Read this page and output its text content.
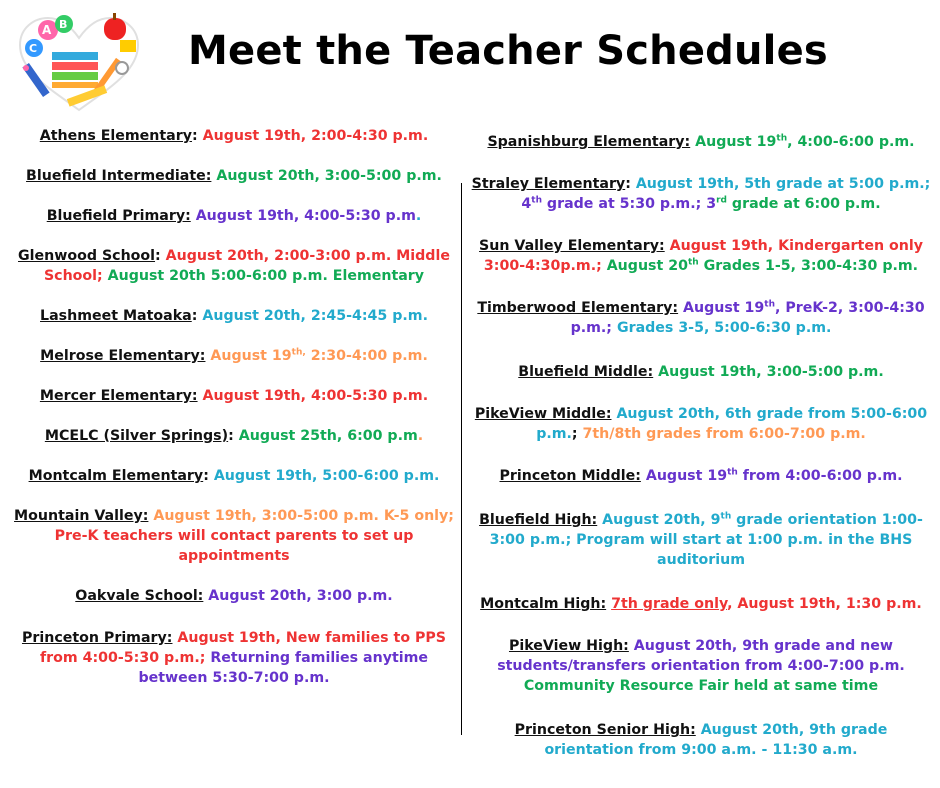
A B
C	Meet the Teacher Schedules
Athens Elementary: August 19th, 2:00-4:30 p.m.
Bluefield Intermediate: August 20th, 3:00-5:00 p.m.
Bluefield Primary: August 19th, 4:00-5:30 p.m.
Glenwood School: August 20th, 2:00-3:00 p.m. Middle School; August 20th 5:00-6:00 p.m. Elementary
Lashmeet Matoaka: August 20th, 2:45-4:45 p.m.
Melrose Elementary: August $19^{th,}$ 2:30-4:00 p.m.
Mercer Elementary: August 19th, 4:00-5:30 p.m.
MCELC (Silver Springs): August 25th, 6:00 p.m.
Montcalm Elementary: August 19th, 5:00-6:00 p.m.
Mountain Valley: August 19th, 3:00-5:00 p.m. K-5 only;
Pre-K teachers will contact parents to set up appointments
Oakvale School: August 20th, 3:00 p.m.
Princeton Primary: August 19th, New families to PPS from 4:00-5:30 p.m.; Returning families anytime between 5:30-7:00 p.m.
Spanishburg Elementary: August 19th, 4:00-6:00 p.m.
Straley Elementary: August 19th, 5th grade at 5:00 p.m.;
4th grade at 5:30 p.m.; 3rd grade at 6:00 p.m.
Sun Valley Elementary: August 19th, Kindergarten only 3:00-4:30p.m.; August 20th Grades 1-5, 3:00-4:30 p.m.
Timberwood Elementary: August 19th, PreK-2, 3:00-4:30 p.m.; Grades 3-5, 5:00-6:30 p.m.
Bluefield Middle: August 19th, 3:00-5:00 p.m.
PikeView Middle: August 20th, 6th grade from 5:00-6:00 p.m.; 7th/8th grades from 6:00-7:00 p.m.
Princeton Middle: August 19th from 4:00-6:00 p.m.
Bluefield High: August 20th, 9th grade orientation 1:00-3:00 p.m.; Program will start at 1:00 p.m. in the BHS auditorium
Montcalm High: 7th grade only, August 19th, 1:30 p.m.
PikeView High: August 20th, 9th grade and new students/transfers orientation from 4:00-7:00 p.m.
Community Resource Fair held at same time
Princeton Senior High: August 20th, 9th grade orientation from 9:00 a.m. - 11:30 a.m.
